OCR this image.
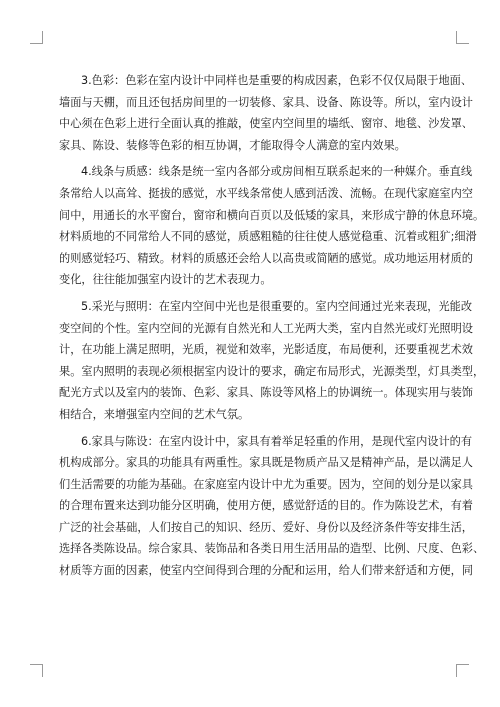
3.色彩：色彩在室内设计中同样也是重要的构成因素，色彩不仅仅局限于地面、
墙面与天棚，而且还包括房间里的一切装修、家具、设备、陈设等。所以，室内设计
中心须在色彩上进行全面认真的推敲，使室内空间里的墙纸、窗帘、地毯、沙发罩、
家具、陈设、装修等色彩的相互协调，才能取得令人满意的室内效果。

4.线条与质感：线条是统一室内各部分或房间相互联系起来的一种媒介。垂直线
条常给人以高耸、挺拔的感觉，水平线条常使人感到活泼、流畅。在现代家庭室内空
间中，用通长的水平窗台，窗帘和横向百页以及低矮的家具，来形成宁静的休息环境。
材料质地的不同常给人不同的感觉，质感粗糙的往往使人感觉稳重、沉着或粗犷;细滑
的则感觉轻巧、精致。材料的质感还会给人以高贵或简陋的感觉。成功地运用材质的
变化，往往能加强室内设计的艺术表现力。

5.采光与照明：在室内空间中光也是很重要的。室内空间通过光来表现，光能改
变空间的个性。室内空间的光源有自然光和人工光两大类，室内自然光或灯光照明设
计，在功能上满足照明，光质，视觉和效率，光影适度，布局便利，还要重视艺术效
果。室内照明的表现必须根据室内设计的要求，确定布局形式，光源类型，灯具类型，
配光方式以及室内的装饰、色彩、家具、陈设等风格上的协调统一。体现实用与装饰
相结合，来增强室内空间的艺术气氛。

6.家具与陈设：在室内设计中，家具有着举足轻重的作用，是现代室内设计的有
机构成部分。家具的功能具有两重性。家具既是物质产品又是精神产品，是以满足人
们生活需要的功能为基础。在家庭室内设计中尤为重要。因为，空间的划分是以家具
的合理布置来达到功能分区明确，使用方便，感觉舒适的目的。作为陈设艺术，有着
广泛的社会基础，人们按自己的知识、经历、爱好、身份以及经济条件等安排生活，
选择各类陈设品。综合家具、装饰品和各类日用生活用品的造型、比例、尺度、色彩、
材质等方面的因素，使室内空间得到合理的分配和运用，给人们带来舒适和方便，同
